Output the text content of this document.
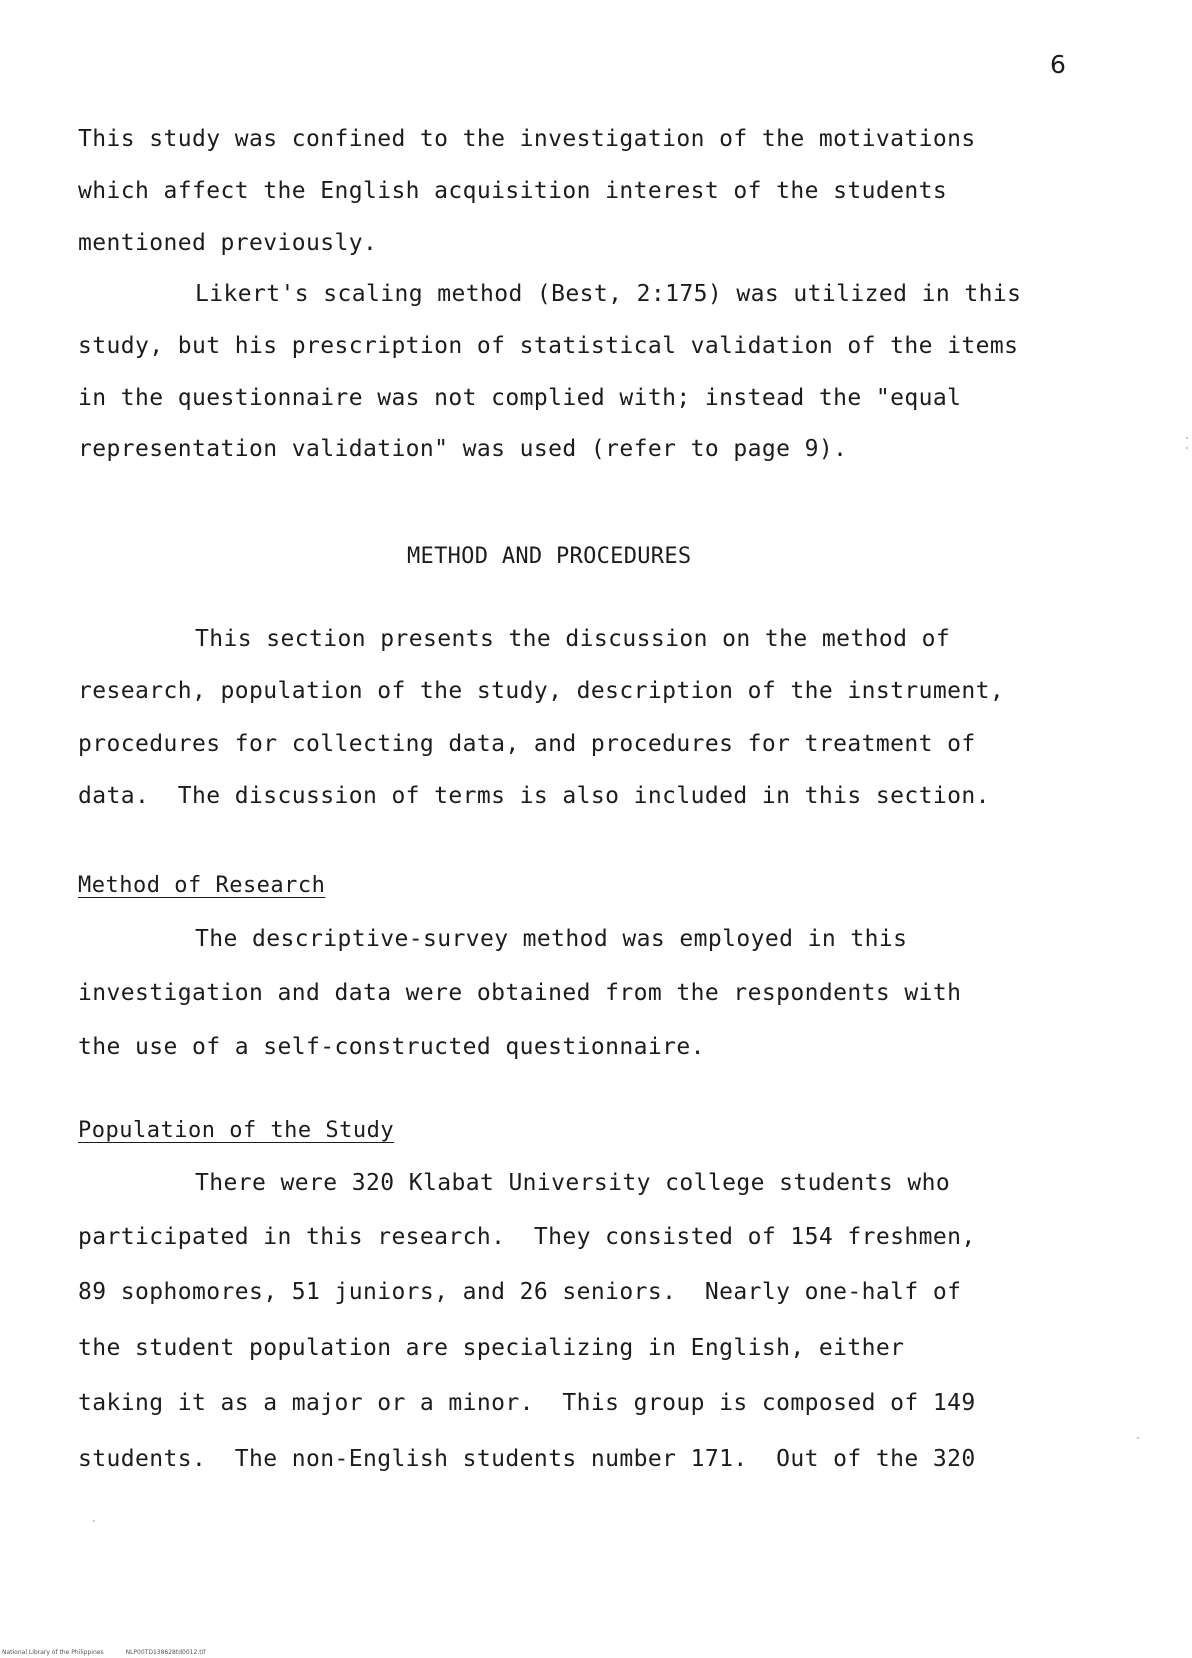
6
This study was confined to the investigation of the motivations
which affect the English acquisition interest of the students
mentioned previously.
Likert's scaling method (Best, 2:175) was utilized in this
study, but his prescription of statistical validation of the items
in the questionnaire was not complied with; instead the "equal
representation validation" was used (refer to page 9).
METHOD AND PROCEDURES
This section presents the discussion on the method of
research, population of the study, description of the instrument,
procedures for collecting data, and procedures for treatment of
data.  The discussion of terms is also included in this section.
Method of Research
The descriptive-survey method was employed in this
investigation and data were obtained from the respondents with
the use of a self-constructed questionnaire.
Population of the Study
There were 320 Klabat University college students who
participated in this research.  They consisted of 154 freshmen,
89 sophomores, 51 juniors, and 26 seniors.  Nearly one-half of
the student population are specializing in English, either
taking it as a major or a minor.  This group is composed of 149
students.  The non-English students number 171.  Out of the 320
National Library of the Philippines	NLP00TD138628td0012.tif
